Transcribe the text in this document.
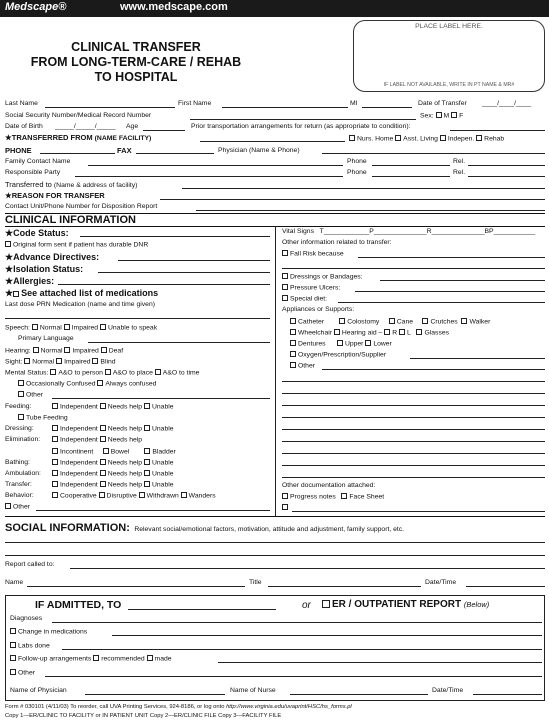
Medscape®	www.medscape.com
CLINICAL TRANSFER
FROM LONG-TERM-CARE / REHAB
TO HOSPITAL
PLACE LABEL HERE.
IF LABEL NOT AVAILABLE, WRITE IN PT NAME & MR#
Last Name	First Name	MI	Date of Transfer ____/____/____
Social Security Number/Medical Record Number	Sex: M F
Date of Birth _____/_____/_____ Age	Prior transportation arrangements for return (as appropriate to condition):
★TRANSFERRED FROM (NAME FACILITY)	Nurs. Home Asst. Living Indepen. Rehab
PHONE	FAX	Physician (Name & Phone)
Family Contact Name	Phone	Rel.
Responsible Party	Phone	Rel.
Transferred to (Name & address of facility)
★REASON FOR TRANSFER
Contact Unit/Phone Number for Disposition Report
CLINICAL INFORMATION
★Code Status:
Original form sent if patient has durable DNR
★Advance Directives:
★Isolation Status:
★Allergies:
★ See attached list of medications
Last dose PRN Medication (name and time given)
Speech: Normal Impaired Unable to speak
Primary Language
Hearing: Normal Impaired Deaf
Sight: Normal Impaired Blind
Mental Status: A&O to person A&O to place A&O to time
Occasionally Confused Always confused
Other
Feeding:	Independent Needs help Unable
Tube Feeding
Dressing:	Independent Needs help Unable
Elimination:	Independent Needs help
Incontinent	Bowel	Bladder
Bathing:	Independent Needs help Unable
Ambulation:	Independent Needs help Unable
Transfer:	Independent Needs help Unable
Behavior:	Cooperative Disruptive Withdrawn Wanders
Other
Vital Signs T____________P______________R______________BP___________
Other information related to transfer:
Fall Risk because
Dressings or Bandages:
Pressure Ulcers:
Special diet:
Appliances or Supports:
Catheter	Colostomy	Cane	Crutches Walker
Wheelchair Hearing aid – R L Glasses
Dentures	Upper Lower
Oxygen/Prescription/Supplier
Other
Other documentation attached:
Progress notes Face Sheet
SOCIAL INFORMATION: Relevant social/emotional factors, motivation, attitude and adjustment, family support, etc.
Report called to:
Name	Title	Date/Time
IF ADMITTED, TO	or	ER / OUTPATIENT REPORT (Below)
Diagnoses
Change in medications
Labs done
Follow-up arrangements recommended made
Other
Name of Physician	Name of Nurse	Date/Time
Form # 030101 (4/11/03) To reorder, call UVA Printing Services, 924-8186, or log onto http://www.virginia.edu/uvaprint/HSC/hs_forms.pl
Copy 1—ER/CLINIC TO FACILITY or IN PATIENT UNIT Copy 2—ER/CLINIC FILE Copy 3—FACILITY FILE
